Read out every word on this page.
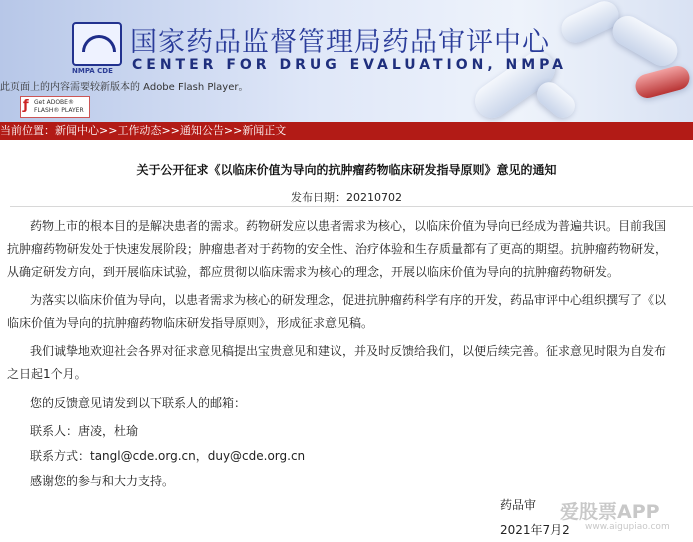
NMPA CDE
国家药品监督管理局药品审评中心
CENTER FOR DRUG EVALUATION, NMPA
此页面上的内容需要较新版本的 Adobe Flash Player。
ƒ Get ADOBE® FLASH® PLAYER
当前位置：新闻中心>>工作动态>>通知公告>>新闻正文
关于公开征求《以临床价值为导向的抗肿瘤药物临床研发指导原则》意见的通知
发布日期：20210702
药物上市的根本目的是解决患者的需求。药物研发应以患者需求为核心，以临床价值为导向已经成为普遍共识。目前我国
抗肿瘤药物研发处于快速发展阶段；肿瘤患者对于药物的安全性、治疗体验和生存质量都有了更高的期望。抗肿瘤药物研发，
从确定研发方向，到开展临床试验，都应贯彻以临床需求为核心的理念，开展以临床价值为导向的抗肿瘤药物研发。
为落实以临床价值为导向，以患者需求为核心的研发理念，促进抗肿瘤药科学有序的开发，药品审评中心组织撰写了《以
临床价值为导向的抗肿瘤药物临床研发指导原则》，形成征求意见稿。
我们诚挚地欢迎社会各界对征求意见稿提出宝贵意见和建议，并及时反馈给我们，以便后续完善。征求意见时限为自发布
之日起1个月。
您的反馈意见请发到以下联系人的邮箱：
联系人：唐凌，杜瑜
联系方式：tangl@cde.org.cn，duy@cde.org.cn
感谢您的参与和大力支持。
药品审
2021年7月2
爱股票APP
www.aigupiao.com
